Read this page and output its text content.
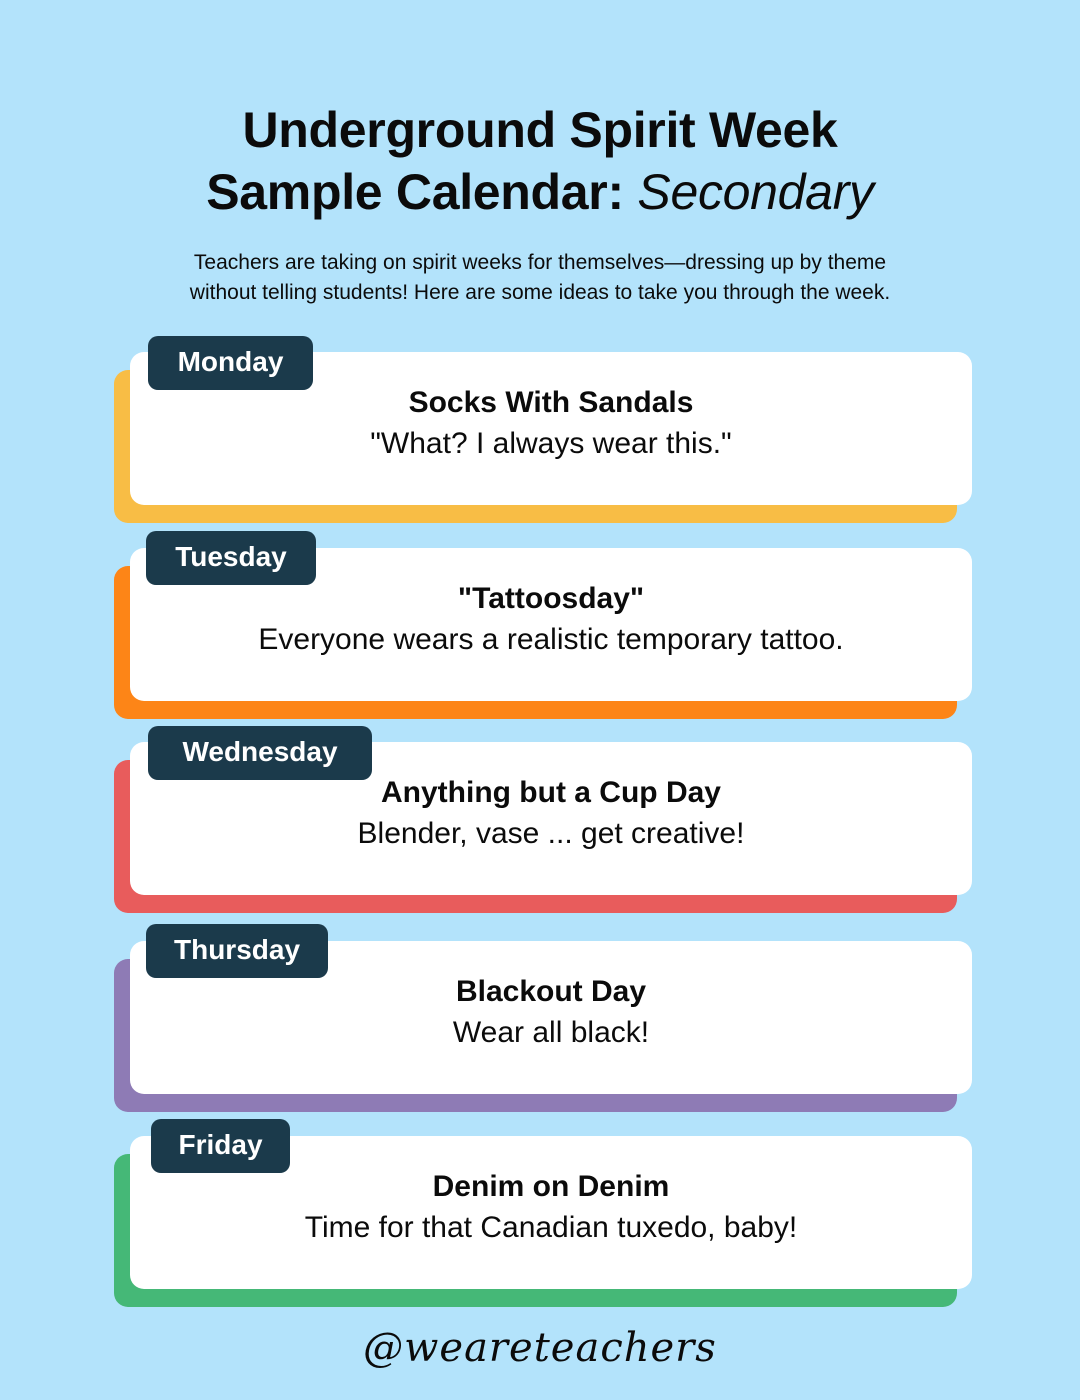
Underground Spirit Week
Sample Calendar: Secondary
Teachers are taking on spirit weeks for themselves—dressing up by theme
without telling students! Here are some ideas to take you through the week.
Socks With Sandals
"What? I always wear this."
Monday
"Tattoosday"
Everyone wears a realistic temporary tattoo.
Tuesday
Anything but a Cup Day
Blender, vase ... get creative!
Wednesday
Blackout Day
Wear all black!
Thursday
Denim on Denim
Time for that Canadian tuxedo, baby!
Friday
@weareteachers
